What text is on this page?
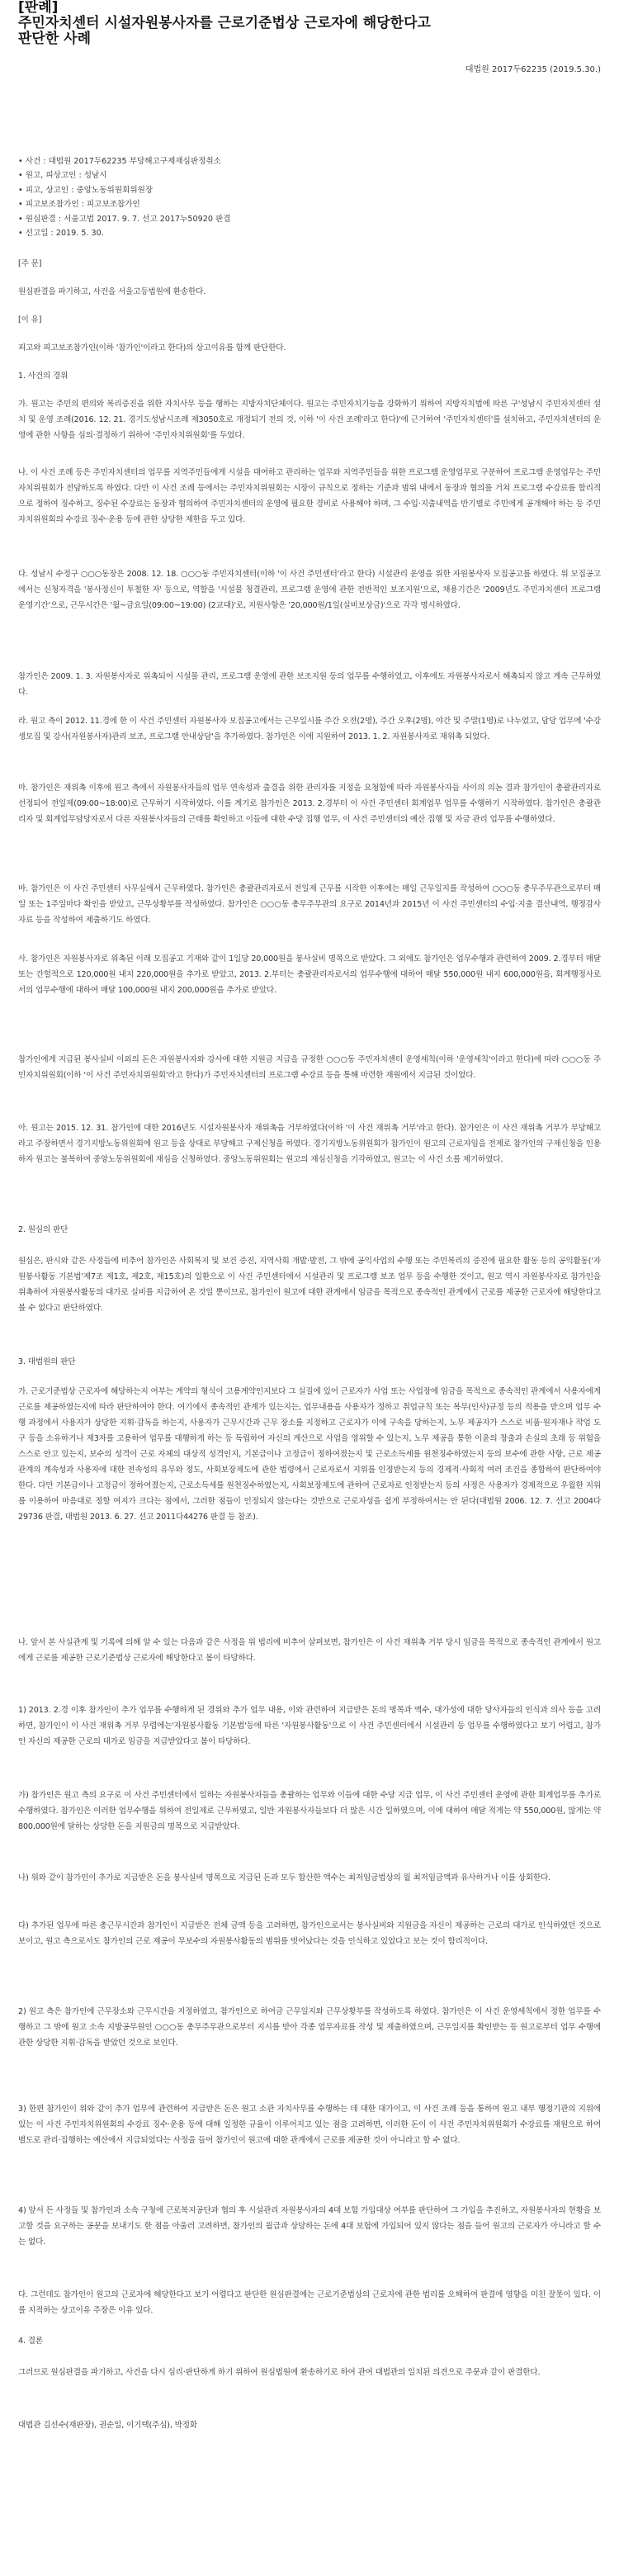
[판례]
주민자치센터 시설자원봉사자를 근로기준법상 근로자에 해당한다고
판단한 사례

대법원 2017두62235 (2019.5.30.)

• 사건 : 대법원 2017두62235 부당해고구제재심판정취소
• 원고, 피상고인 : 성남시
• 피고, 상고인 : 중앙노동위원회위원장
• 피고보조참가인 : 피고보조참가인
• 원심판결 : 서울고법 2017. 9. 7. 선고 2017누50920 판결
• 선고일 : 2019. 5. 30.

[주 문]

원심판결을 파기하고, 사건을 서울고등법원에 환송한다.

[이 유]

피고와 피고보조참가인(이하 '참가인'이라고 한다)의 상고이유를 함께 판단한다.

1. 사건의 경위

가. 원고는 주민의 편의와 복리증진을 위한 자치사무 등을 행하는 지방자치단체이다. 원고는 주민자치기능을 강화하기 위하여 지방자치법에 따른 구'성남시 주민자치센터 설치 및 운영 조례(2016. 12. 21. 경기도성남시조례 제3050호로 개정되기 전의 것, 이하 '이 사건 조례'라고 한다)'에 근거하여 '주민자치센터'를 설치하고, 주민자치센터의 운영에 관한 사항을 심의·결정하기 위하여 '주민자치위원회'를 두었다.

나. 이 사건 조례 등은 주민자치센터의 업무를 지역주민들에게 시설을 대여하고 관리하는 업무와 지역주민들을 위한 프로그램 운영업무로 구분하여 프로그램 운영업무는 주민자치위원회가 전담하도록 하였다. 다만 이 사건 조례 등에서는 주민자치위원회는 시장이 규칙으로 정하는 기준과 범위 내에서 동장과 협의를 거쳐 프로그램 수강료를 합리적으로 정하여 징수하고, 징수된 수강료는 동장과 협의하여 주민자치센터의 운영에 필요한 경비로 사용해야 하며, 그 수입·지출내역을 반기별로 주민에게 공개해야 하는 등 주민자치위원회의 수강료 징수·운용 등에 관한 상당한 제한을 두고 있다.

다. 성남시 수정구 ○○○동장은 2008. 12. 18. ○○○동 주민자치센터(이하 '이 사건 주민센터'라고 한다) 시설관리 운영을 위한 자원봉사자 모집공고를 하였다. 위 모집공고에서는 신청자격을 '봉사정신이 투철한 자' 등으로, 역할을 '시설물 청결관리, 프로그램 운영에 관한 전반적인 보조지원'으로, 채용기간은 '2009년도 주민자치센터 프로그램 운영기간'으로, 근무시간은 '월~금요일(09:00~19:00) (2교대)'로, 지원사항은 '20,000원/1일(실비보상금)'으로 각각 명시하였다.

참가인은 2009. 1. 3. 자원봉사자로 위촉되어 시설물 관리, 프로그램 운영에 관한 보조지원 등의 업무를 수행하였고, 이후에도 자원봉사자로서 해촉되지 않고 계속 근무하였다.

라. 원고 측이 2012. 11.경에 한 이 사건 주민센터 자원봉사자 모집공고에서는 근무일시를 주간 오전(2명), 주간 오후(2명), 야간 및 주말(1명)로 나누었고, 담당 업무에 '수강생모집 및 강사(자원봉사자)관리 보조, 프로그램 안내상담'을 추가하였다. 참가인은 이에 지원하여 2013. 1. 2. 자원봉사자로 재위촉 되었다.

마. 참가인은 재위촉 이후에 원고 측에서 자원봉사자들의 업무 연속성과 출결을 위한 관리자를 지정을 요청함에 따라 자원봉사자들 사이의 의논 결과 참가인이 총괄관리자로 선정되어 전일제(09:00~18:00)로 근무하기 시작하였다. 이를 계기로 참가인은 2013. 2.경부터 이 사건 주민센터 회계업무 업무를 수행하기 시작하였다. 참가인은 총괄관리자 및 회계업무담당자로서 다른 자원봉사자들의 근태를 확인하고 이들에 대한 수당 집행 업무, 이 사건 주민센터의 예산 집행 및 자금 관리 업무를 수행하였다.

바. 참가인은 이 사건 주민센터 사무실에서 근무하였다. 참가인은 총괄관리자로서 전일제 근무를 시작한 이후에는 매일 근무일지를 작성하여 ○○○동 총무주무관으로부터 매일 또는 1주일마다 확인을 받았고, 근무상황부를 작성하였다. 참가인은 ○○○동 총무주무관의 요구로 2014년과 2015년 이 사건 주민센터의 수입·지출 결산내역, 행정감사자료 등을 작성하여 제출하기도 하였다.

사. 참가인은 자원봉사자로 위촉된 이래 모집공고 기재와 같이 1일당 20,000원을 봉사실비 명목으로 받았다. 그 외에도 참가인은 업무수행과 관련하여 2009. 2.경부터 매달 또는 간헐적으로 120,000원 내지 220,000원을 추가로 받았고, 2013. 2.부터는 총괄관리자로서의 업무수행에 대하여 매달 550,000원 내지 600,000원을, 회계행정사로서의 업무수행에 대하여 매달 100,000원 내지 200,000원을 추가로 받았다.

참가인에게 지급된 봉사실비 이외의 돈은 자원봉사자와 강사에 대한 지원금 지급을 규정한 ○○○동 주민자치센터 운영세칙(이하 '운영세칙'이라고 한다)에 따라 ○○○동 주민자치위원회(이하 '이 사건 주민자치위원회'라고 한다)가 주민자치센터의 프로그램 수강료 등을 통해 마련한 재원에서 지급된 것이었다.

아. 원고는 2015. 12. 31. 참가인에 대한 2016년도 시설자원봉사자 재위촉을 거부하였다(이하 '이 사건 재위촉 거부'라고 한다). 참가인은 이 사건 재위촉 거부가 부당해고라고 주장하면서 경기지방노동위원회에 원고 등을 상대로 부당해고 구제신청을 하였다. 경기지방노동위원회가 참가인이 원고의 근로자임을 전제로 참가인의 구제신청을 인용하자 원고는 불복하여 중앙노동위원회에 재심을 신청하였다. 중앙노동위원회는 원고의 재심신청을 기각하였고, 원고는 이 사건 소를 제기하였다.

2. 원심의 판단

원심은, 판시와 같은 사정들에 비추어 참가인은 사회복지 및 보건 증진, 지역사회 개발·발전, 그 밖에 공익사업의 수행 또는 주민복리의 증진에 필요한 활동 등의 공익활동('자원봉사활동 기본법'제7조 제1호, 제2호, 제15호)의 일환으로 이 사건 주민센터에서 시설관리 및 프로그램 보조 업무 등을 수행한 것이고, 원고 역시 자원봉사자로 참가인을 위촉하여 자원봉사활동의 대가로 실비를 지급하여 온 것일 뿐이므로, 참가인이 원고에 대한 관계에서 임금을 목적으로 종속적인 관계에서 근로를 제공한 근로자에 해당한다고 볼 수 없다고 판단하였다.

3. 대법원의 판단

가. 근로기준법상 근로자에 해당하는지 여부는 계약의 형식이 고용계약인지보다 그 실질에 있어 근로자가 사업 또는 사업장에 임금을 목적으로 종속적인 관계에서 사용자에게 근로를 제공하였는지에 따라 판단하여야 한다. 여기에서 종속적인 관계가 있는지는, 업무내용을 사용자가 정하고 취업규칙 또는 복무(인사)규정 등의 적용을 받으며 업무 수행 과정에서 사용자가 상당한 지휘·감독을 하는지, 사용자가 근무시간과 근무 장소를 지정하고 근로자가 이에 구속을 당하는지, 노무 제공자가 스스로 비품·원자재나 작업 도구 등을 소유하거나 제3자를 고용하여 업무를 대행하게 하는 등 독립하여 자신의 계산으로 사업을 영위할 수 있는지, 노무 제공을 통한 이윤의 창출과 손실의 초래 등 위험을 스스로 안고 있는지, 보수의 성격이 근로 자체의 대상적 성격인지, 기본급이나 고정급이 정하여졌는지 및 근로소득세를 원천징수하였는지 등의 보수에 관한 사항, 근로 제공 관계의 계속성과 사용자에 대한 전속성의 유무와 정도, 사회보장제도에 관한 법령에서 근로자로서 지위를 인정받는지 등의 경제적·사회적 여러 조건을 종합하여 판단하여야 한다. 다만 기본급이나 고정급이 정하여졌는지, 근로소득세를 원천징수하였는지, 사회보장제도에 관하여 근로자로 인정받는지 등의 사정은 사용자가 경제적으로 우월한 지위를 이용하여 마음대로 정할 여지가 크다는 점에서, 그러한 점들이 인정되지 않는다는 것만으로 근로자성을 쉽게 부정하여서는 안 된다(대법원 2006. 12. 7. 선고 2004다29736 판결, 대법원 2013. 6. 27. 선고 2011다44276 판결 등 참조).

나. 앞서 본 사실관계 및 기록에 의해 알 수 있는 다음과 같은 사정을 위 법리에 비추어 살펴보면, 참가인은 이 사건 재위촉 거부 당시 임금을 목적으로 종속적인 관계에서 원고에게 근로를 제공한 근로기준법상 근로자에 해당한다고 봄이 타당하다.

1) 2013. 2.경 이후 참가인이 추가 업무를 수행하게 된 경위와 추가 업무 내용, 이와 관련하여 지급받은 돈의 명목과 액수, 대가성에 대한 당사자들의 인식과 의사 등을 고려하면, 참가인이 이 사건 재위촉 거부 무렵에는'자원봉사활동 기본법'등에 따른 '자원봉사활동'으로 이 사건 주민센터에서 시설관리 등 업무를 수행하였다고 보기 어렵고, 참가인 자신의 제공한 근로의 대가로 임금을 지급받았다고 봄이 타당하다.

가) 참가인은 원고 측의 요구로 이 사건 주민센터에서 일하는 자원봉사자들을 총괄하는 업무와 이들에 대한 수당 지급 업무, 이 사건 주민센터 운영에 관한 회계업무를 추가로 수행하였다. 참가인은 이러한 업무수행을 위하여 전일제로 근무하였고, 일반 자원봉사자들보다 더 많은 시간 일하였으며, 이에 대하여 매달 적게는 약 550,000원, 많게는 약 800,000원에 달하는 상당한 돈을 지원금의 명목으로 지급받았다.

나) 위와 같이 참가인이 추가로 지급받은 돈을 봉사실비 명목으로 지급된 돈과 모두 합산한 액수는 최저임금법상의 월 최저임금액과 유사하거나 이를 상회한다.

다) 추가된 업무에 따른 총근무시간과 참가인이 지급받은 전체 금액 등을 고려하면, 참가인으로서는 봉사실비와 지원금을 자신이 제공하는 근로의 대가로 인식하였던 것으로 보이고, 원고 측으로서도 참가인의 근로 제공이 무보수의 자원봉사활동의 범위를 벗어났다는 것을 인식하고 있었다고 보는 것이 합리적이다.

2) 원고 측은 참가인에 근무장소와 근무시간을 지정하였고, 참가인으로 하여금 근무일지와 근무상황부를 작성하도록 하였다. 참가인은 이 사건 운영세칙에서 정한 업무를 수행하고 그 밖에 원고 소속 지방공무원인 ○○○동 총무주무관으로부터 지시를 받아 각종 업무자료를 작성 및 제출하였으며, 근무일지를 확인받는 등 원고로부터 업무 수행에 관한 상당한 지휘·감독을 받았던 것으로 보인다.

3) 한편 참가인이 위와 같이 추가 업무에 관련하여 지급받은 돈은 원고 소관 자치사무를 수행하는 데 대한 대가이고, 이 사건 조례 등을 통하여 원고 내부 행정기관의 지위에 있는 이 사건 주민자치위원회의 수강료 징수·운용 등에 대해 일정한 규율이 이루어지고 있는 점을 고려하면, 이러한 돈이 이 사건 주민자치위원회가 수강료를 재원으로 하여 별도로 관리·집행하는 예산에서 지급되었다는 사정을 들어 참가인이 원고에 대한 관계에서 근로를 제공한 것이 아니라고 할 수 없다.

4) 앞서 든 사정들 및 참가인과 소속 구청에 근로복지공단과 협의 후 시설관리 자원봉사자의 4대 보험 가입대상 여부를 판단하여 그 가입을 추진하고, 자원봉사자의 현황을 보고할 것을 요구하는 공문을 보내기도 한 점을 아울러 고려하면, 참가인의 월급과 상당하는 돈에 4대 보험에 가입되어 있지 않다는 점을 들어 원고의 근로자가 아니라고 할 수는 없다.

다. 그런데도 참가인이 원고의 근로자에 해당한다고 보기 어렵다고 판단한 원심판결에는 근로기준법상의 근로자에 관한 법리를 오해하여 판결에 영향을 미친 잘못이 있다. 이를 지적하는 상고이유 주장은 이유 있다.

4. 결론

그러므로 원심판결을 파기하고, 사건을 다시 심리·판단하게 하기 위하여 원심법원에 환송하기로 하여 관여 대법관의 일치된 의견으로 주문과 같이 판결한다.

대법관 김선수(재판장), 권순일, 이기택(주심), 박정화
